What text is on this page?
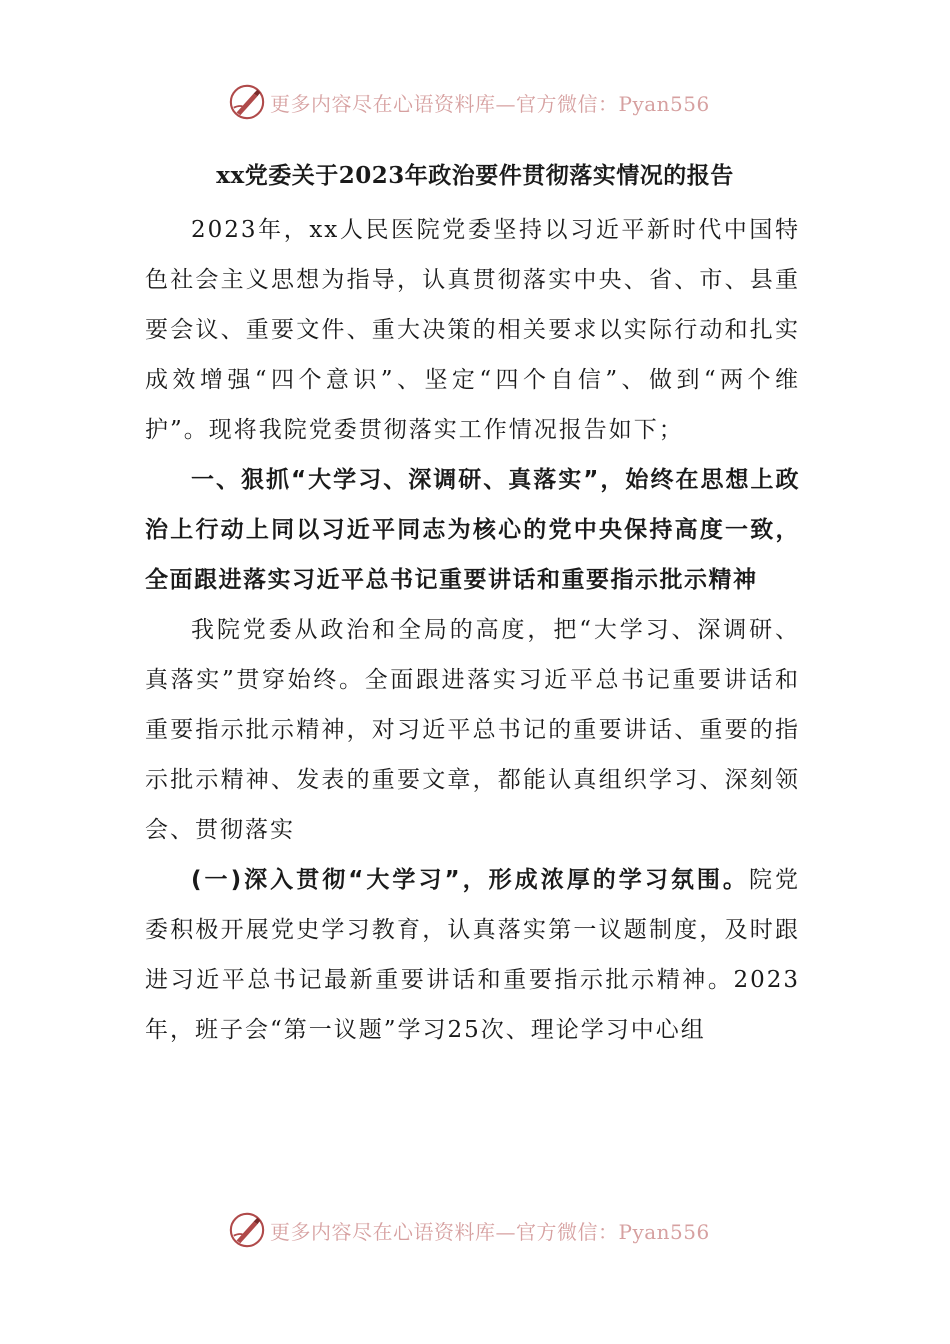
更多内容尽在心语资料库—官方微信：Pyan556
xx党委关于2023年政治要件贯彻落实情况的报告

2023年，xx人民医院党委坚持以习近平新时代中国特色社会主义思想为指导，认真贯彻落实中央、省、市、县重要会议、重要文件、重大决策的相关要求以实际行动和扎实成效增强“四个意识”、坚定“四个自信”、做到“两个维护”。现将我院党委贯彻落实工作情况报告如下；

一、狠抓“大学习、深调研、真落实”，始终在思想上政治上行动上同以习近平同志为核心的党中央保持高度一致，全面跟进落实习近平总书记重要讲话和重要指示批示精神

我院党委从政治和全局的高度，把“大学习、深调研、真落实”贯穿始终。全面跟进落实习近平总书记重要讲话和重要指示批示精神，对习近平总书记的重要讲话、重要的指示批示精神、发表的重要文章，都能认真组织学习、深刻领会、贯彻落实

(一)深入贯彻“大学习”，形成浓厚的学习氛围。院党委积极开展党史学习教育，认真落实第一议题制度，及时跟进习近平总书记最新重要讲话和重要指示批示精神。2023年，班子会“第一议题”学习25次、理论学习中心组

更多内容尽在心语资料库—官方微信：Pyan556
